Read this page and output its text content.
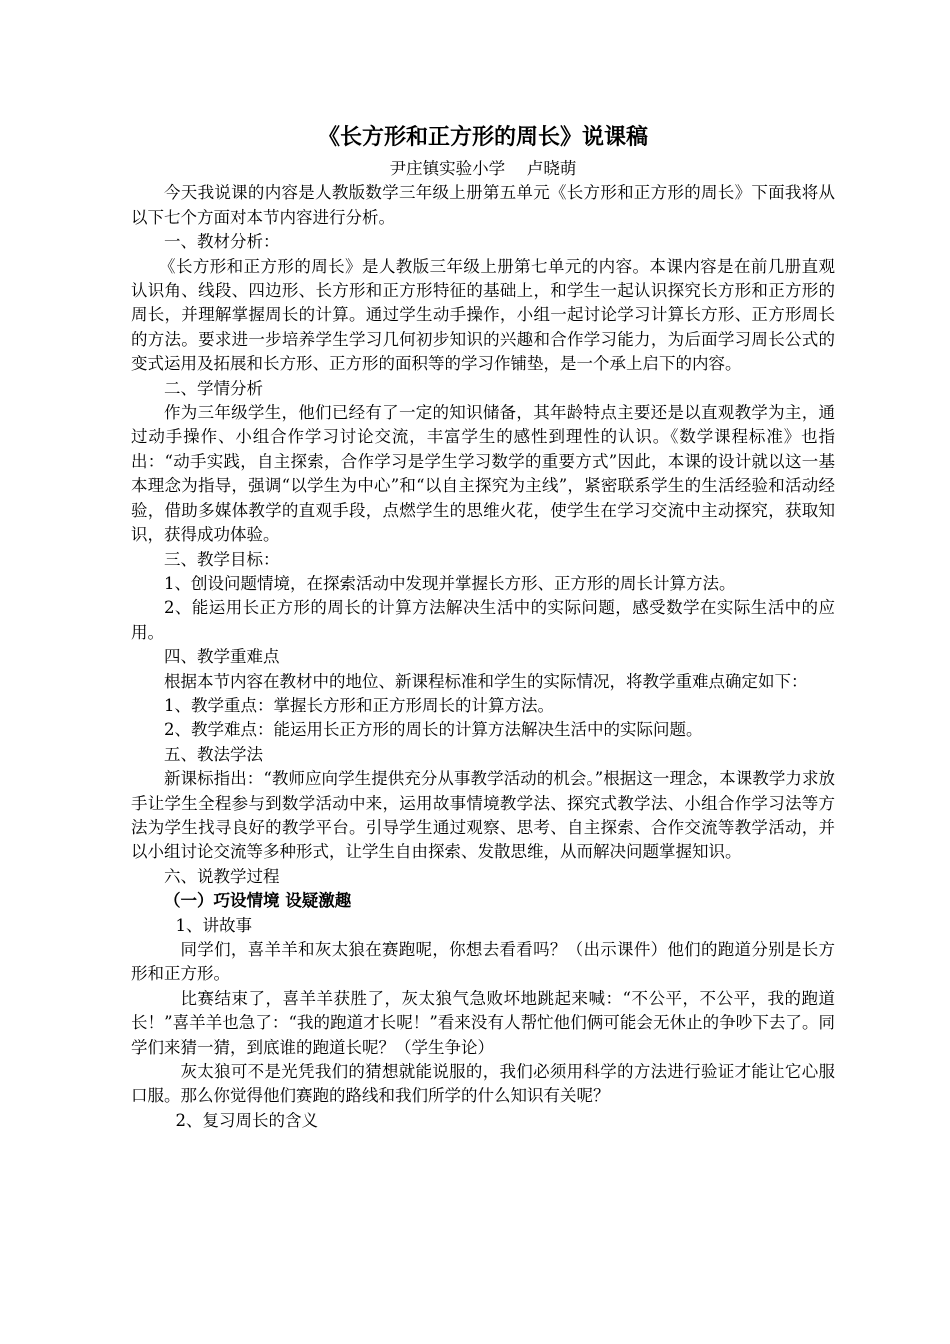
《长方形和正方形的周长》说课稿

尹庄镇实验小学　 卢晓萌

今天我说课的内容是人教版数学三年级上册第五单元《长方形和正方形的周长》下面我将从以下七个方面对本节内容进行分析。

一、教材分析：

《长方形和正方形的周长》是人教版三年级上册第七单元的内容。本课内容是在前几册直观认识角、线段、四边形、长方形和正方形特征的基础上，和学生一起认识探究长方形和正方形的周长，并理解掌握周长的计算。通过学生动手操作，小组一起讨论学习计算长方形、正方形周长的方法。要求进一步培养学生学习几何初步知识的兴趣和合作学习能力，为后面学习周长公式的变式运用及拓展和长方形、正方形的面积等的学习作铺垫，是一个承上启下的内容。

二、学情分析

作为三年级学生，他们已经有了一定的知识储备，其年龄特点主要还是以直观教学为主，通过动手操作、小组合作学习讨论交流，丰富学生的感性到理性的认识。《数学课程标准》也指出：“动手实践，自主探索，合作学习是学生学习数学的重要方式”因此，本课的设计就以这一基本理念为指导，强调“以学生为中心”和“以自主探究为主线”，紧密联系学生的生活经验和活动经验，借助多媒体教学的直观手段，点燃学生的思维火花，使学生在学习交流中主动探究，获取知识，获得成功体验。

三、教学目标：

1、创设问题情境，在探索活动中发现并掌握长方形、正方形的周长计算方法。

2、能运用长正方形的周长的计算方法解决生活中的实际问题，感受数学在实际生活中的应用。

四、教学重难点

根据本节内容在教材中的地位、新课程标准和学生的实际情况，将教学重难点确定如下：

1、教学重点：掌握长方形和正方形周长的计算方法。

2、教学难点：能运用长正方形的周长的计算方法解决生活中的实际问题。

五、教法学法

新课标指出：“教师应向学生提供充分从事教学活动的机会。”根据这一理念，本课教学力求放手让学生全程参与到数学活动中来，运用故事情境教学法、探究式教学法、小组合作学习法等方法为学生找寻良好的教学平台。引导学生通过观察、思考、自主探索、合作交流等教学活动，并以小组讨论交流等多种形式，让学生自由探索、发散思维，从而解决问题掌握知识。

六、说教学过程

（一）巧设情境 设疑激趣

1、讲故事

同学们，喜羊羊和灰太狼在赛跑呢，你想去看看吗？（出示课件）他们的跑道分别是长方形和正方形。

比赛结束了，喜羊羊获胜了，灰太狼气急败坏地跳起来喊：“不公平，不公平，我的跑道长！”喜羊羊也急了：“我的跑道才长呢！”看来没有人帮忙他们俩可能会无休止的争吵下去了。同学们来猜一猜，到底谁的跑道长呢？（学生争论）

灰太狼可不是光凭我们的猜想就能说服的，我们必须用科学的方法进行验证才能让它心服口服。那么你觉得他们赛跑的路线和我们所学的什么知识有关呢？

2、复习周长的含义
